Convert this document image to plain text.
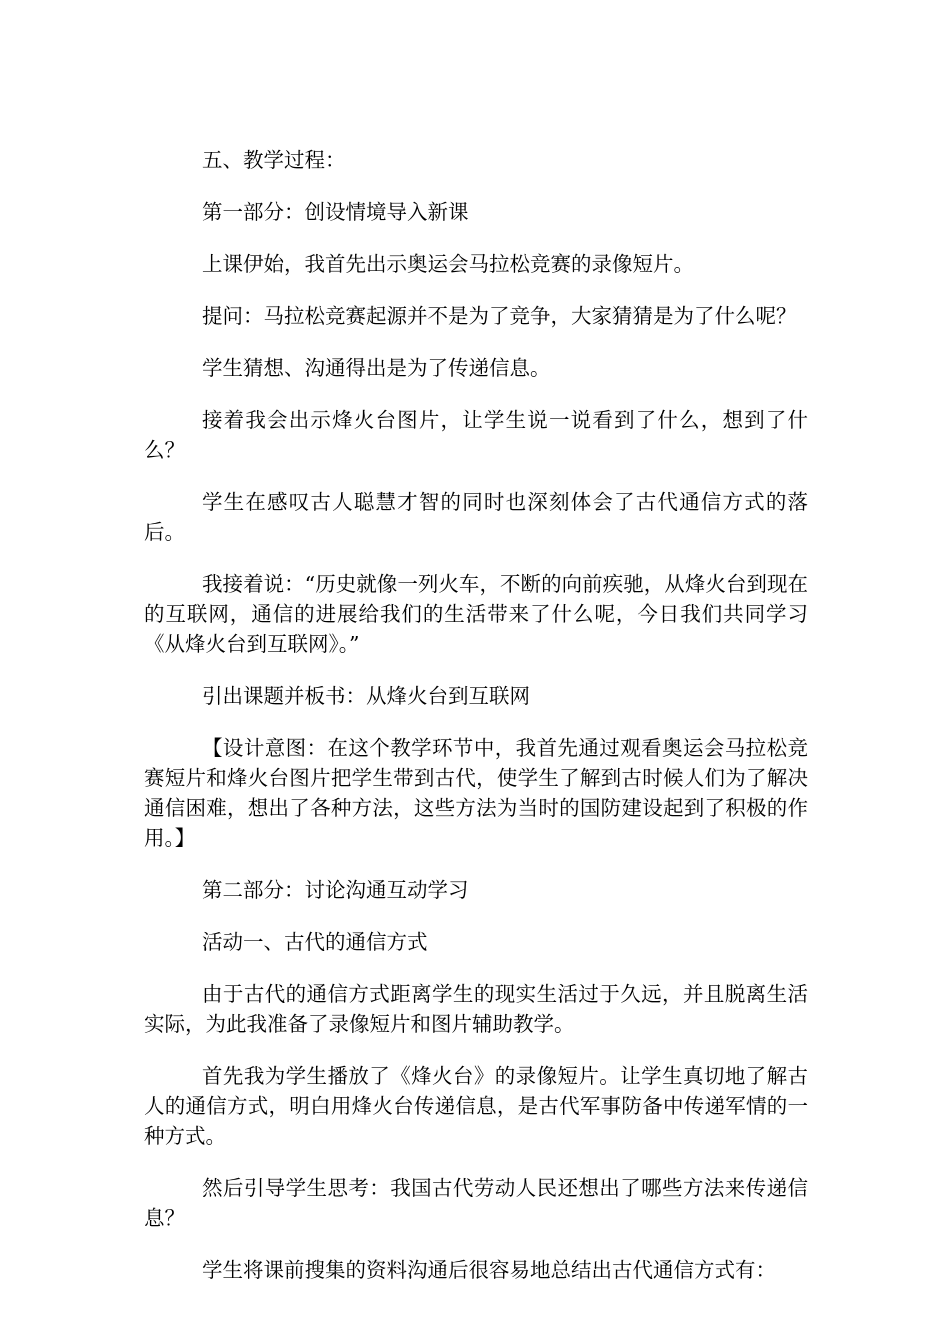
五、教学过程：

第一部分：创设情境导入新课

上课伊始，我首先出示奥运会马拉松竞赛的录像短片。

提问：马拉松竞赛起源并不是为了竞争，大家猜猜是为了什么呢？

学生猜想、沟通得出是为了传递信息。

接着我会出示烽火台图片，让学生说一说看到了什么，想到了什么？

学生在感叹古人聪慧才智的同时也深刻体会了古代通信方式的落后。

我接着说：“历史就像一列火车，不断的向前疾驰，从烽火台到现在的互联网，通信的进展给我们的生活带来了什么呢，今日我们共同学习《从烽火台到互联网》。”

引出课题并板书：从烽火台到互联网

【设计意图：在这个教学环节中，我首先通过观看奥运会马拉松竞赛短片和烽火台图片把学生带到古代，使学生了解到古时候人们为了解决通信困难，想出了各种方法，这些方法为当时的国防建设起到了积极的作用。】

第二部分：讨论沟通互动学习

活动一、古代的通信方式

由于古代的通信方式距离学生的现实生活过于久远，并且脱离生活实际，为此我准备了录像短片和图片辅助教学。

首先我为学生播放了《烽火台》的录像短片。让学生真切地了解古人的通信方式，明白用烽火台传递信息，是古代军事防备中传递军情的一种方式。

然后引导学生思考：我国古代劳动人民还想出了哪些方法来传递信息？

学生将课前搜集的资料沟通后很容易地总结出古代通信方式有：
